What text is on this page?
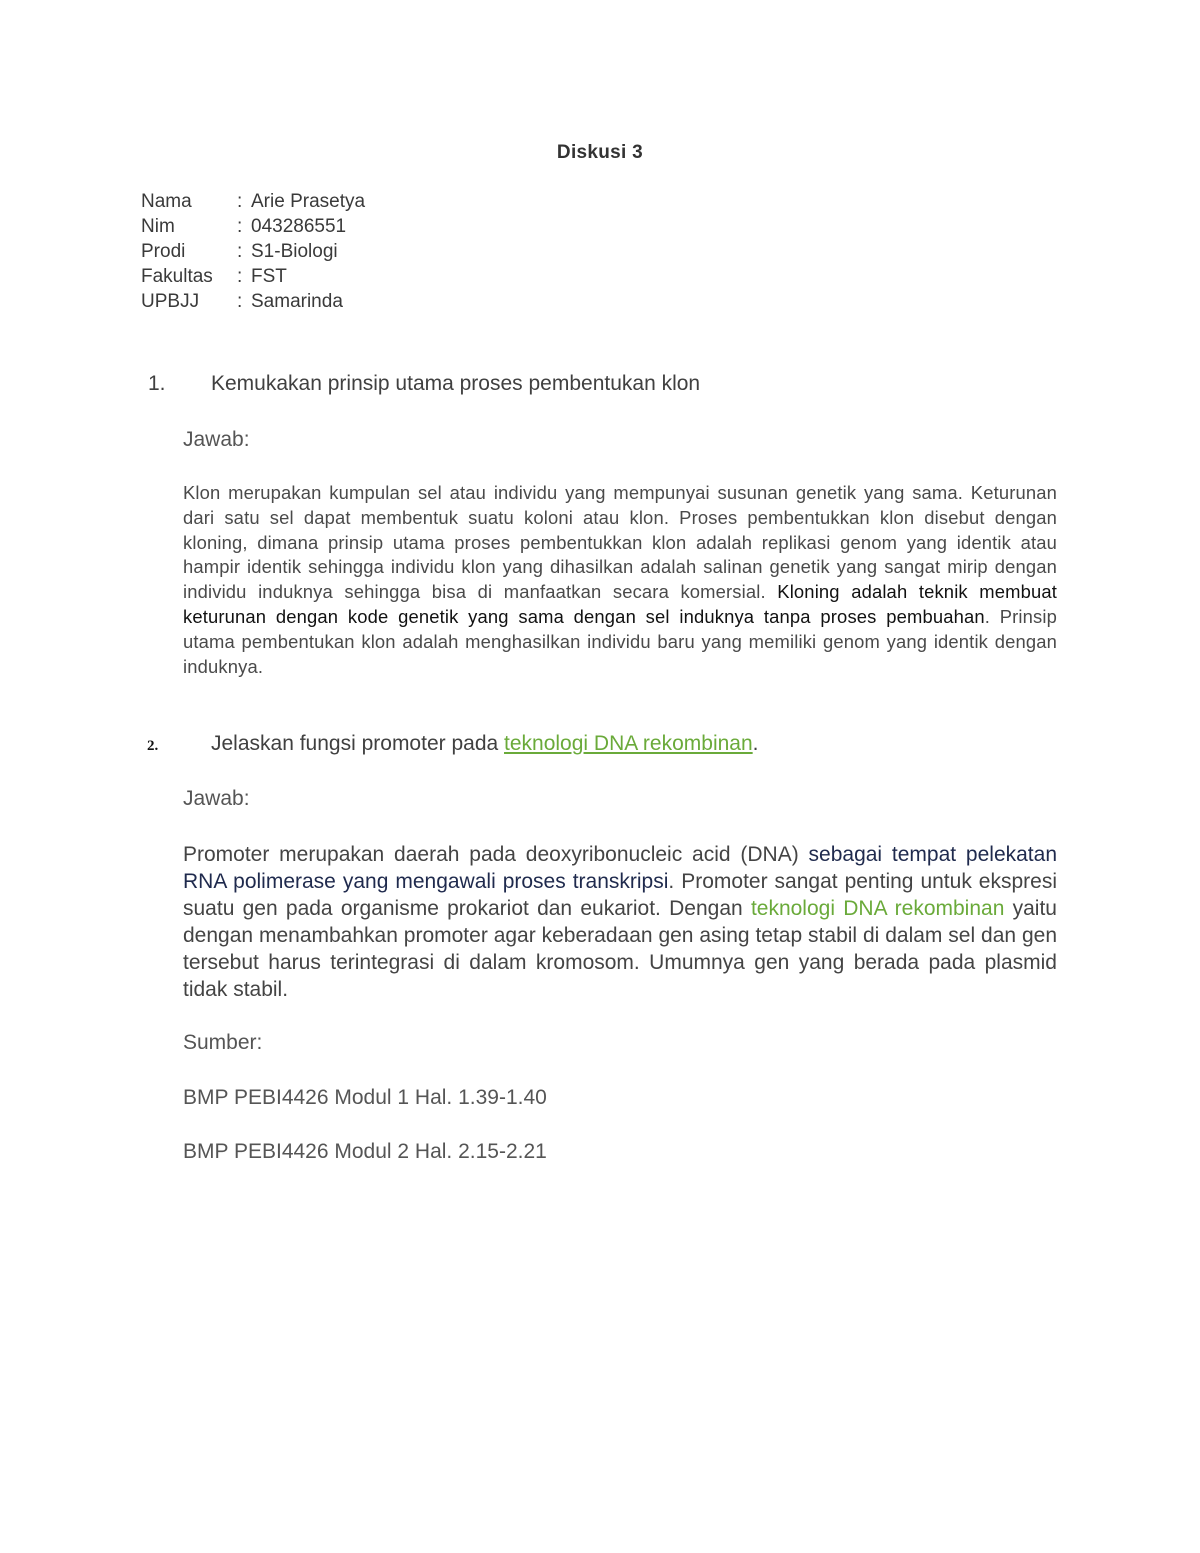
Diskusi 3
Nama	: Arie Prasetya
Nim	: 043286551
Prodi	: S1-Biologi
Fakultas	: FST
UPBJJ	: Samarinda
1.	Kemukakan prinsip utama proses pembentukan klon
Jawab:
Klon merupakan kumpulan sel atau individu yang mempunyai susunan genetik yang sama. Keturunan dari satu sel dapat membentuk suatu koloni atau klon. Proses pembentukkan klon disebut dengan kloning, dimana prinsip utama proses pembentukkan klon adalah replikasi genom yang identik atau hampir identik sehingga individu klon yang dihasilkan adalah salinan genetik yang sangat mirip dengan individu induknya sehingga bisa di manfaatkan secara komersial. Kloning adalah teknik membuat keturunan dengan kode genetik yang sama dengan sel induknya tanpa proses pembuahan. Prinsip utama pembentukan klon adalah menghasilkan individu baru yang memiliki genom yang identik dengan induknya.
2.	Jelaskan fungsi promoter pada teknologi DNA rekombinan.
Jawab:
Promoter merupakan daerah pada deoxyribonucleic acid (DNA) sebagai tempat pelekatan RNA polimerase yang mengawali proses transkripsi. Promoter sangat penting untuk ekspresi suatu gen pada organisme prokariot dan eukariot. Dengan teknologi DNA rekombinan yaitu dengan menambahkan promoter agar keberadaan gen asing tetap stabil di dalam sel dan gen tersebut harus terintegrasi di dalam kromosom. Umumnya gen yang berada pada plasmid tidak stabil.
Sumber:
BMP PEBI4426 Modul 1 Hal. 1.39-1.40
BMP PEBI4426 Modul 2 Hal. 2.15-2.21
